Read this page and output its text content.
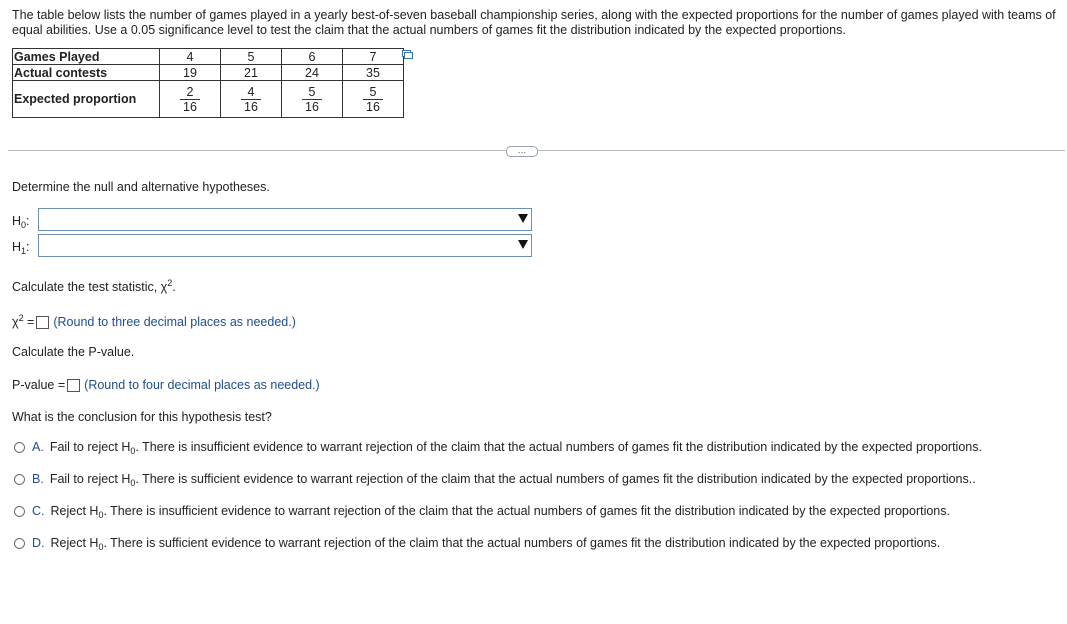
The table below lists the number of games played in a yearly best-of-seven baseball championship series, along with the expected proportions for the number of games played with teams of equal abilities. Use a 0.05 significance level to test the claim that the actual numbers of games fit the distribution indicated by the expected proportions.
Games Played	4	5	6	7
Actual contests	19	21	24	35
Expected proportion	$\frac{2}{16}$	$\frac{4}{16}$	$\frac{5}{16}$	$\frac{5}{16}$
…
Determine the null and alternative hypotheses.
$H_0$:
$H_1$:
Calculate the test statistic, $\chi^2$.
$\chi^2$ = (Round to three decimal places as needed.)
Calculate the P-value.
P-value = (Round to four decimal places as needed.)
What is the conclusion for this hypothesis test?
A. Fail to reject $H_0$. There is insufficient evidence to warrant rejection of the claim that the actual numbers of games fit the distribution indicated by the expected proportions.
B. Fail to reject $H_0$. There is sufficient evidence to warrant rejection of the claim that the actual numbers of games fit the distribution indicated by the expected proportions..
C. Reject $H_0$. There is insufficient evidence to warrant rejection of the claim that the actual numbers of games fit the distribution indicated by the expected proportions.
D. Reject $H_0$. There is sufficient evidence to warrant rejection of the claim that the actual numbers of games fit the distribution indicated by the expected proportions.
